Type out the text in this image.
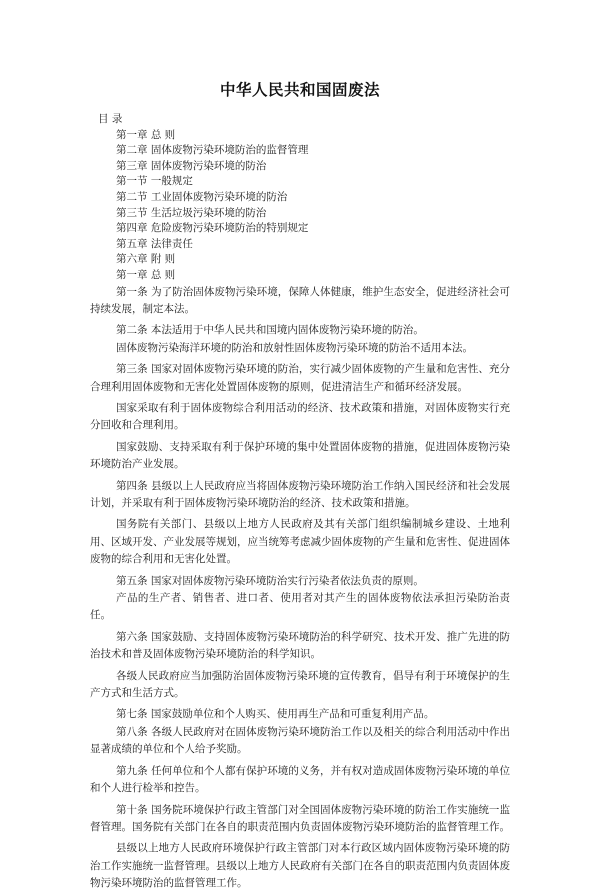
中华人民共和国固废法
目 录
第一章 总 则
第二章 固体废物污染环境防治的监督管理
第三章 固体废物污染环境的防治
第一节 一般规定
第二节 工业固体废物污染环境的防治
第三节 生活垃圾污染环境的防治
第四章 危险废物污染环境防治的特别规定
第五章 法律责任
第六章 附 则
第一章 总 则

第一条 为了防治固体废物污染环境，保障人体健康，维护生态安全，促进经济社会可持续发展，制定本法。

第二条 本法适用于中华人民共和国境内固体废物污染环境的防治。

固体废物污染海洋环境的防治和放射性固体废物污染环境的防治不适用本法。

第三条 国家对固体废物污染环境的防治，实行减少固体废物的产生量和危害性、充分合理利用固体废物和无害化处置固体废物的原则，促进清洁生产和循环经济发展。

国家采取有利于固体废物综合利用活动的经济、技术政策和措施，对固体废物实行充分回收和合理利用。

国家鼓励、支持采取有利于保护环境的集中处置固体废物的措施，促进固体废物污染环境防治产业发展。

第四条 县级以上人民政府应当将固体废物污染环境防治工作纳入国民经济和社会发展计划，并采取有利于固体废物污染环境防治的经济、技术政策和措施。

国务院有关部门、县级以上地方人民政府及其有关部门组织编制城乡建设、土地利用、区域开发、产业发展等规划，应当统筹考虑减少固体废物的产生量和危害性、促进固体废物的综合利用和无害化处置。

第五条 国家对固体废物污染环境防治实行污染者依法负责的原则。

产品的生产者、销售者、进口者、使用者对其产生的固体废物依法承担污染防治责任。

第六条 国家鼓励、支持固体废物污染环境防治的科学研究、技术开发、推广先进的防治技术和普及固体废物污染环境防治的科学知识。

各级人民政府应当加强防治固体废物污染环境的宣传教育，倡导有利于环境保护的生产方式和生活方式。

第七条 国家鼓励单位和个人购买、使用再生产品和可重复利用产品。

第八条 各级人民政府对在固体废物污染环境防治工作以及相关的综合利用活动中作出显著成绩的单位和个人给予奖励。

第九条 任何单位和个人都有保护环境的义务，并有权对造成固体废物污染环境的单位和个人进行检举和控告。

第十条 国务院环境保护行政主管部门对全国固体废物污染环境的防治工作实施统一监督管理。国务院有关部门在各自的职责范围内负责固体废物污染环境防治的监督管理工作。

县级以上地方人民政府环境保护行政主管部门对本行政区域内固体废物污染环境的防治工作实施统一监督管理。县级以上地方人民政府有关部门在各自的职责范围内负责固体废物污染环境防治的监督管理工作。
